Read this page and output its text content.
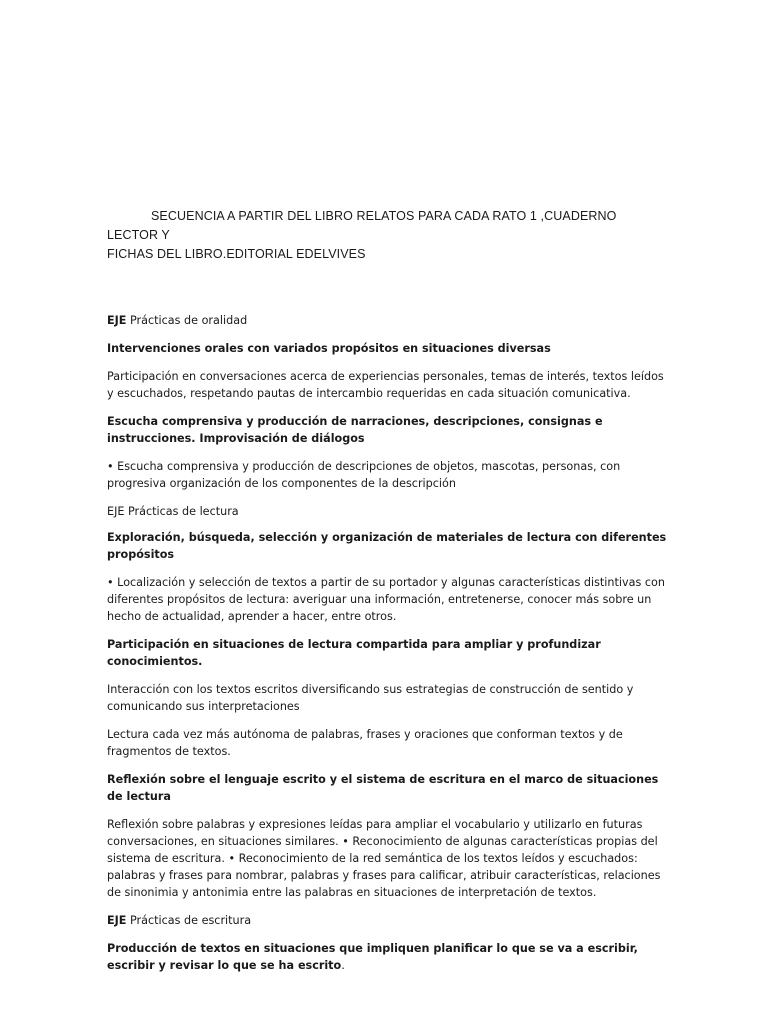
SECUENCIA A PARTIR DEL LIBRO RELATOS PARA CADA RATO 1 ,CUADERNO LECTOR Y
FICHAS DEL LIBRO.EDITORIAL EDELVIVES

EJE Prácticas de oralidad

Intervenciones orales con variados propósitos en situaciones diversas

Participación en conversaciones acerca de experiencias personales, temas de interés, textos leídos y escuchados, respetando pautas de intercambio requeridas en cada situación comunicativa.

Escucha comprensiva y producción de narraciones, descripciones, consignas e instrucciones. Improvisación de diálogos

• Escucha comprensiva y producción de descripciones de objetos, mascotas, personas, con progresiva organización de los componentes de la descripción

EJE Prácticas de lectura

Exploración, búsqueda, selección y organización de materiales de lectura con diferentes propósitos

• Localización y selección de textos a partir de su portador y algunas características distintivas con diferentes propósitos de lectura: averiguar una información, entretenerse, conocer más sobre un hecho de actualidad, aprender a hacer, entre otros.

Participación en situaciones de lectura compartida para ampliar y profundizar conocimientos.

Interacción con los textos escritos diversificando sus estrategias de construcción de sentido y comunicando sus interpretaciones

Lectura cada vez más autónoma de palabras, frases y oraciones que conforman textos y de fragmentos de textos.

Reflexión sobre el lenguaje escrito y el sistema de escritura en el marco de situaciones de lectura

Reflexión sobre palabras y expresiones leídas para ampliar el vocabulario y utilizarlo en futuras conversaciones, en situaciones similares. • Reconocimiento de algunas características propias del sistema de escritura. • Reconocimiento de la red semántica de los textos leídos y escuchados: palabras y frases para nombrar, palabras y frases para calificar, atribuir características, relaciones de sinonimia y antonimia entre las palabras en situaciones de interpretación de textos.

EJE Prácticas de escritura

Producción de textos en situaciones que impliquen planificar lo que se va a escribir, escribir y revisar lo que se ha escrito.
